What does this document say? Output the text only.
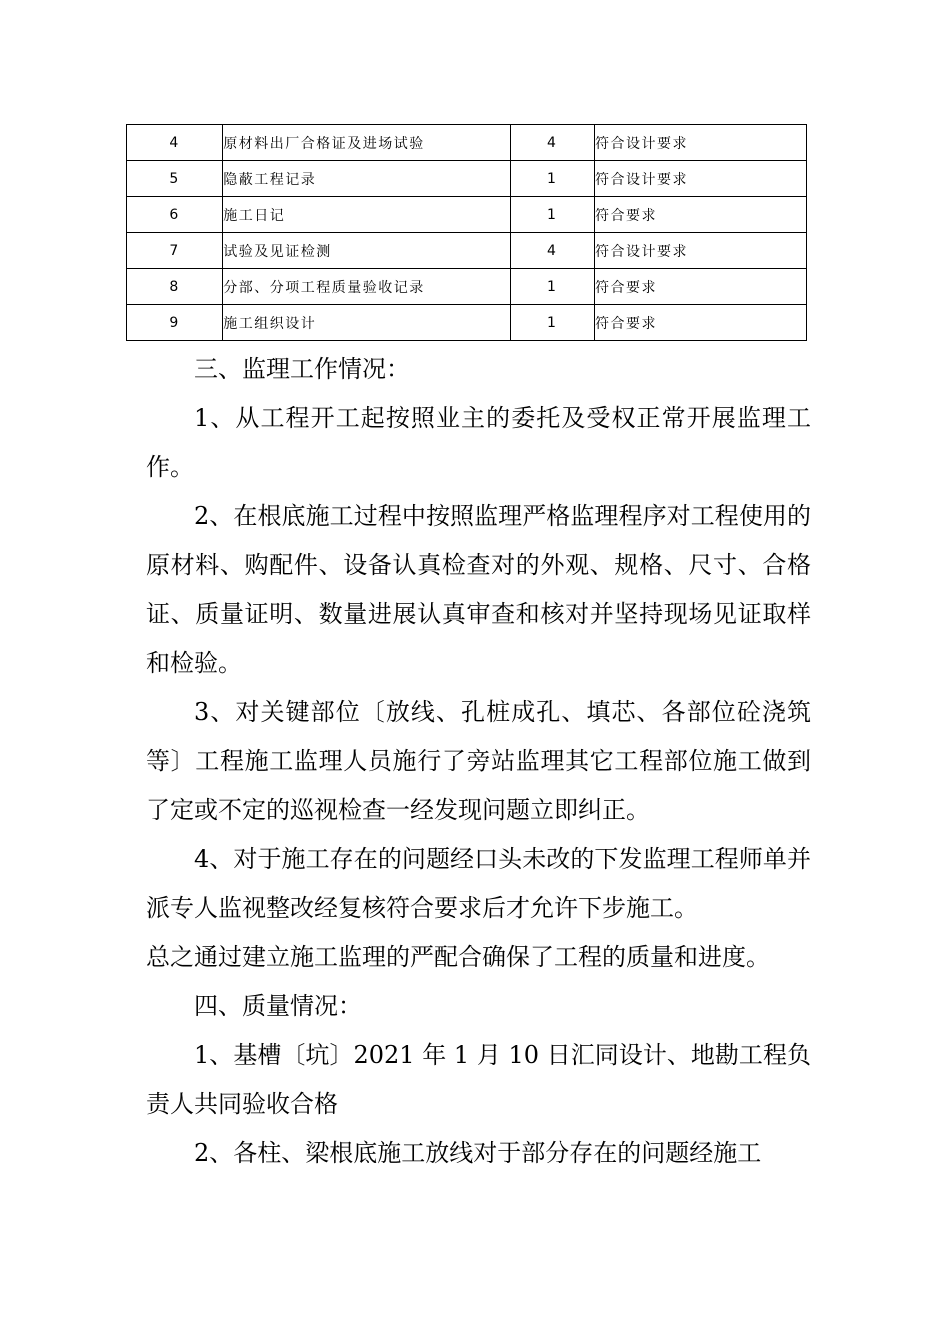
4	原材料出厂合格证及进场试验	4	符合设计要求
5	隐蔽工程记录	1	符合设计要求
6	施工日记	1	符合要求
7	试验及见证检测	4	符合设计要求
8	分部、分项工程质量验收记录	1	符合要求
9	施工组织设计	1	符合要求

三、监理工作情况：

1、从工程开工起按照业主的委托及受权正常开展监理工作。

2、在根底施工过程中按照监理严格监理程序对工程使用的原材料、购配件、设备认真检查对的外观、规格、尺寸、合格证、质量证明、数量进展认真审查和核对并坚持现场见证取样和检验。

3、对关键部位〔放线、孔桩成孔、填芯、各部位砼浇筑等〕工程施工监理人员施行了旁站监理其它工程部位施工做到了定或不定的巡视检查一经发现问题立即纠正。

4、对于施工存在的问题经口头未改的下发监理工程师单并派专人监视整改经复核符合要求后才允许下步施工。

总之通过建立施工监理的严配合确保了工程的质量和进度。

四、质量情况：

1、基槽〔坑〕2021 年 1 月 10 日汇同设计、地勘工程负责人共同验收合格

2、各柱、梁根底施工放线对于部分存在的问题经施工
